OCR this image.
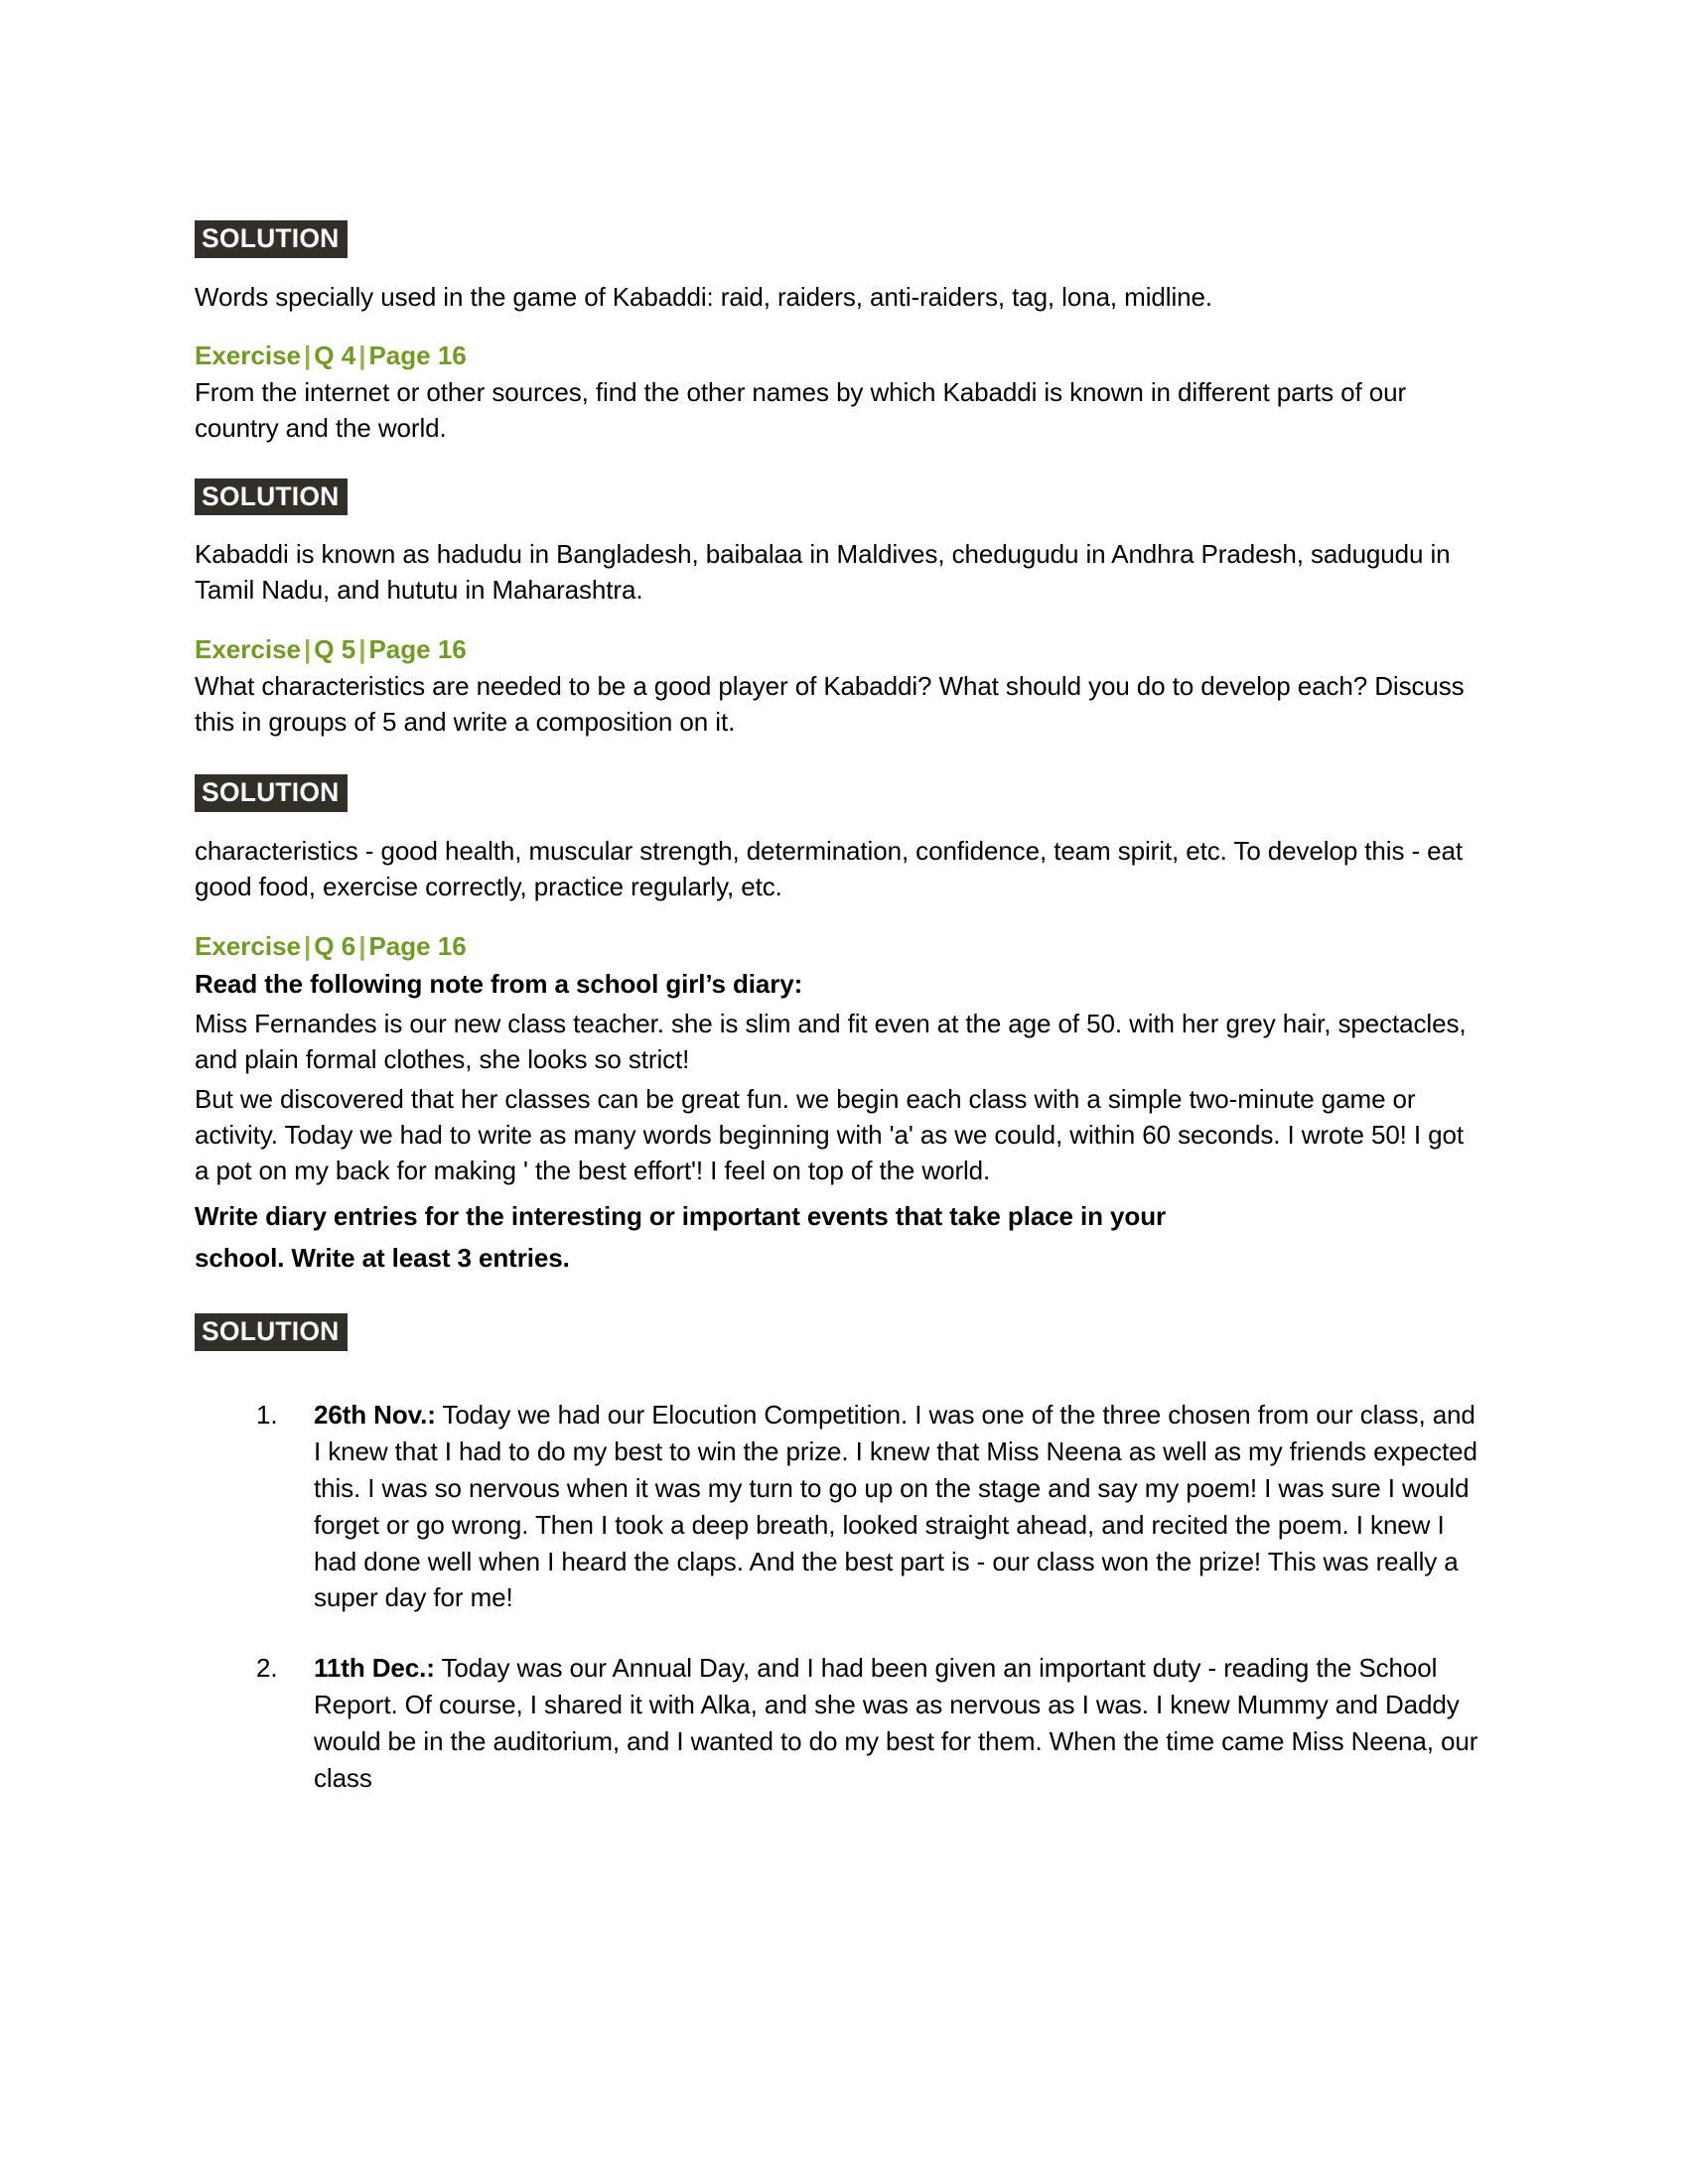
SOLUTION

Words specially used in the game of Kabaddi: raid, raiders, anti-raiders, tag, lona, midline.

Exercise | Q 4 | Page 16

From the internet or other sources, find the other names by which Kabaddi is known in different parts of our country and the world.

SOLUTION

Kabaddi is known as hadudu in Bangladesh, baibalaa in Maldives, chedugudu in Andhra Pradesh, sadugudu in Tamil Nadu, and hututu in Maharashtra.

Exercise | Q 5 | Page 16

What characteristics are needed to be a good player of Kabaddi? What should you do to develop each? Discuss this in groups of 5 and write a composition on it.

SOLUTION

characteristics - good health, muscular strength, determination, confidence, team spirit, etc. To develop this - eat good food, exercise correctly, practice regularly, etc.

Exercise | Q 6 | Page 16

Read the following note from a school girl’s diary:

Miss Fernandes is our new class teacher. she is slim and fit even at the age of 50. with her grey hair, spectacles, and plain formal clothes, she looks so strict!

But we discovered that her classes can be great fun. we begin each class with a simple two-minute game or activity. Today we had to write as many words beginning with 'a' as we could, within 60 seconds. I wrote 50! I got a pot on my back for making ' the best effort'! I feel on top of the world.

Write diary entries for the interesting or important events that take place in your

school. Write at least 3 entries.

SOLUTION
26th Nov.: Today we had our Elocution Competition. I was one of the three chosen from our class, and I knew that I had to do my best to win the prize. I knew that Miss Neena as well as my friends expected this. I was so nervous when it was my turn to go up on the stage and say my poem! I was sure I would forget or go wrong. Then I took a deep breath, looked straight ahead, and recited the poem. I knew I had done well when I heard the claps. And the best part is - our class won the prize! This was really a super day for me!
11th Dec.: Today was our Annual Day, and I had been given an important duty - reading the School Report. Of course, I shared it with Alka, and she was as nervous as I was. I knew Mummy and Daddy would be in the auditorium, and I wanted to do my best for them. When the time came Miss Neena, our class
